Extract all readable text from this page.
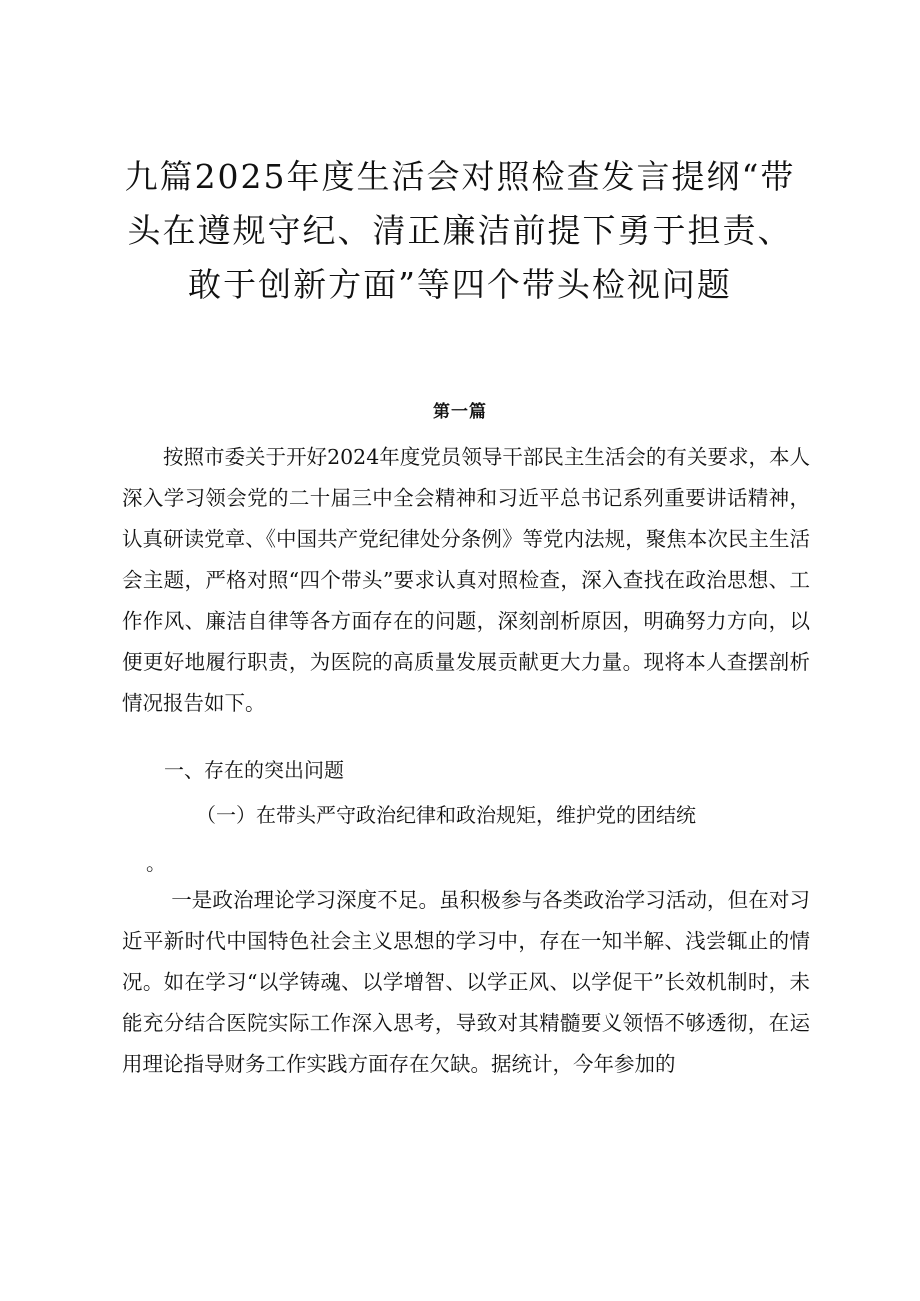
九篇2025年度生活会对照检查发言提纲“带头在遵规守纪、清正廉洁前提下勇于担责、敢于创新方面”等四个带头检视问题
第一篇

按照市委关于开好2024年度党员领导干部民主生活会的有关要求，本人深入学习领会党的二十届三中全会精神和习近平总书记系列重要讲话精神，认真研读党章、《中国共产党纪律处分条例》等党内法规，聚焦本次民主生活会主题，严格对照“四个带头”要求认真对照检查，深入查找在政治思想、工作作风、廉洁自律等各方面存在的问题，深刻剖析原因，明确努力方向，以便更好地履行职责，为医院的高质量发展贡献更大力量。现将本人查摆剖析情况报告如下。

一、存在的突出问题
（一）在带头严守政治纪律和政治规矩，维护党的团结统
。

一是政治理论学习深度不足。虽积极参与各类政治学习活动，但在对习近平新时代中国特色社会主义思想的学习中，存在一知半解、浅尝辄止的情况。如在学习“以学铸魂、以学增智、以学正风、以学促干”长效机制时，未能充分结合医院实际工作深入思考，导致对其精髓要义领悟不够透彻，在运用理论指导财务工作实践方面存在欠缺。据统计，今年参加的
